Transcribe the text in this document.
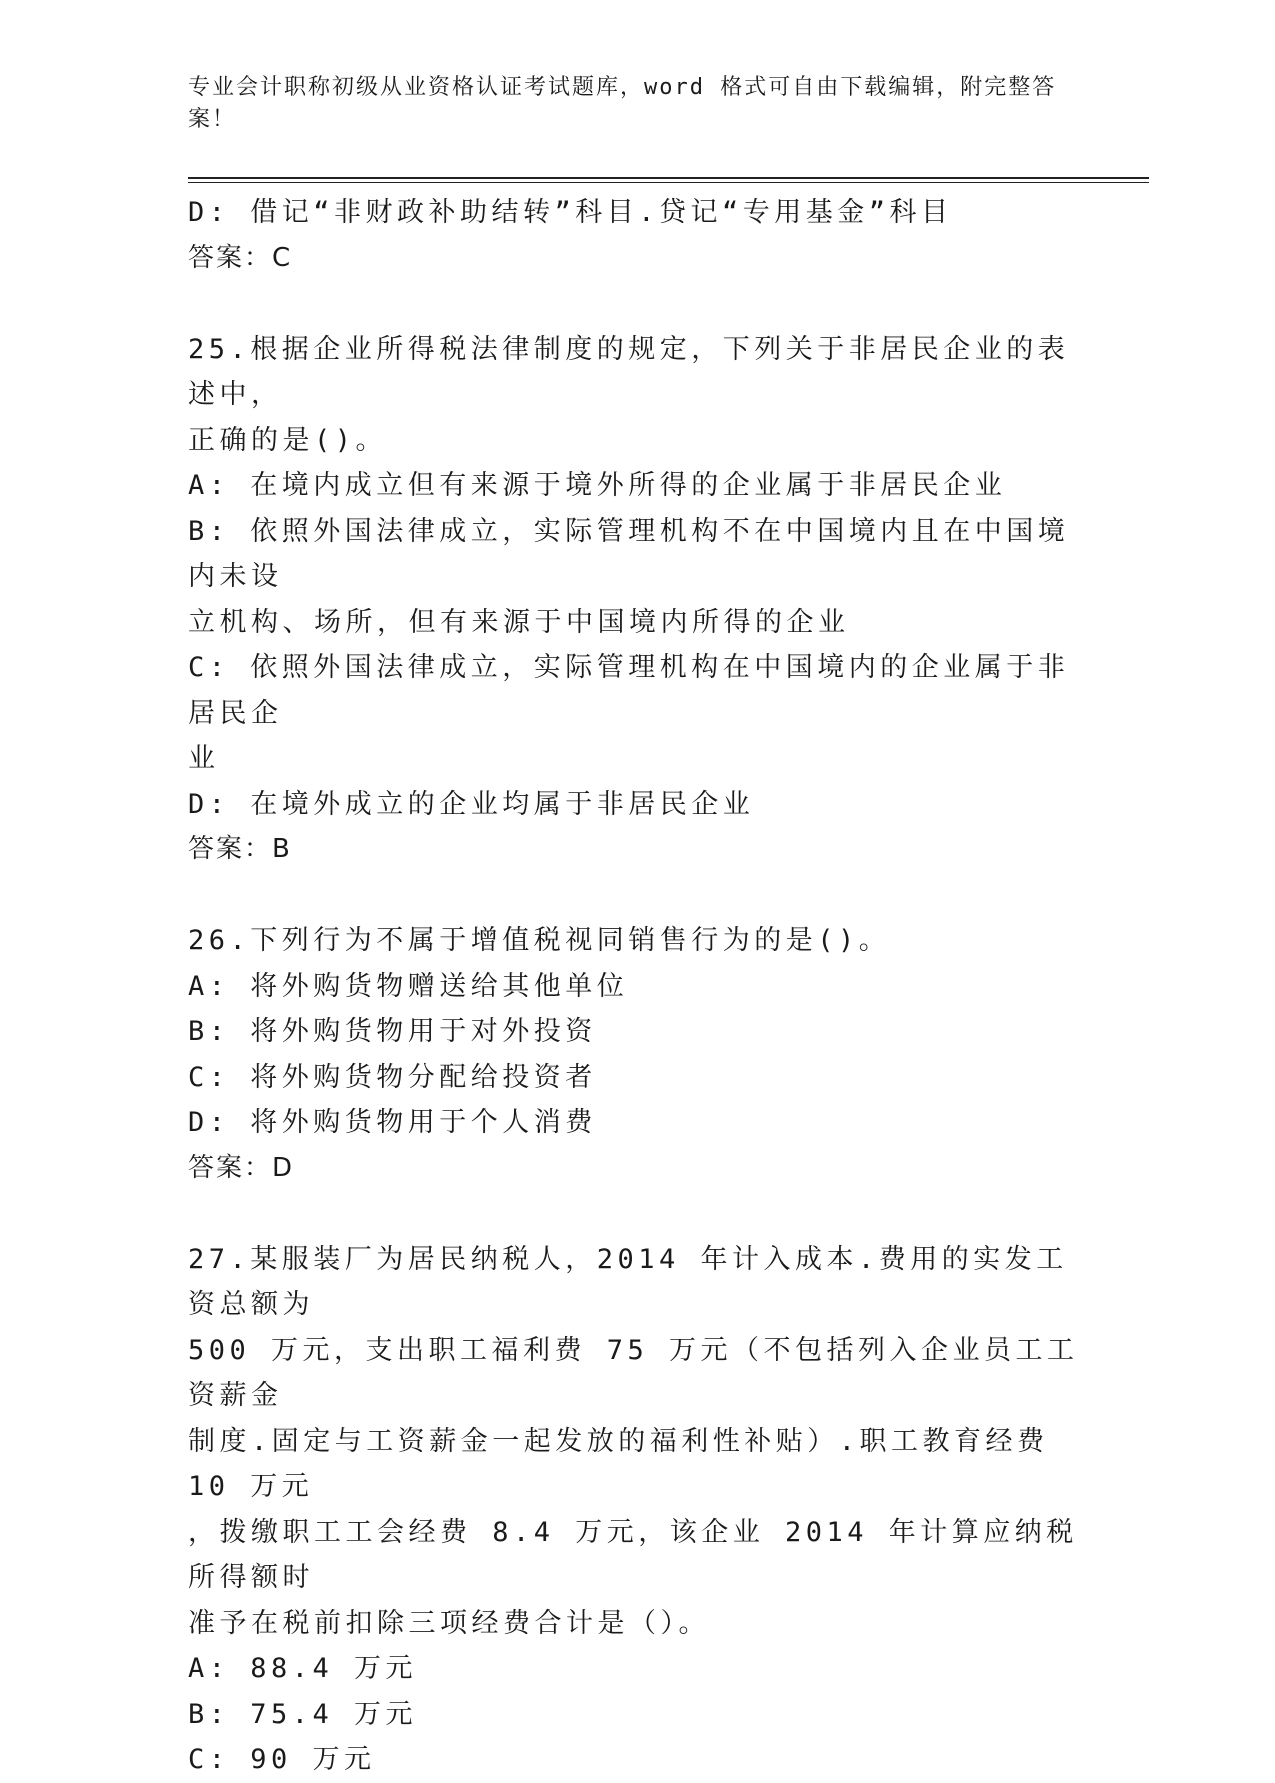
专业会计职称初级从业资格认证考试题库，word 格式可自由下载编辑，附完整答案！
D: 借记“非财政补助结转”科目.贷记“专用基金”科目
答案：C
25.根据企业所得税法律制度的规定，下列关于非居民企业的表述中，
正确的是()。
A: 在境内成立但有来源于境外所得的企业属于非居民企业
B: 依照外国法律成立，实际管理机构不在中国境内且在中国境内未设
立机构、场所，但有来源于中国境内所得的企业
C: 依照外国法律成立，实际管理机构在中国境内的企业属于非居民企
业
D: 在境外成立的企业均属于非居民企业
答案：B
26.下列行为不属于增值税视同销售行为的是()。
A: 将外购货物赠送给其他单位
B: 将外购货物用于对外投资
C: 将外购货物分配给投资者
D: 将外购货物用于个人消费
答案：D
27.某服装厂为居民纳税人，2014 年计入成本.费用的实发工资总额为
500 万元，支出职工福利费 75 万元（不包括列入企业员工工资薪金
制度.固定与工资薪金一起发放的福利性补贴）.职工教育经费 10 万元
，拨缴职工工会经费 8.4 万元，该企业 2014 年计算应纳税所得额时
准予在税前扣除三项经费合计是（）。
A: 88.4 万元
B: 75.4 万元
C: 90 万元
